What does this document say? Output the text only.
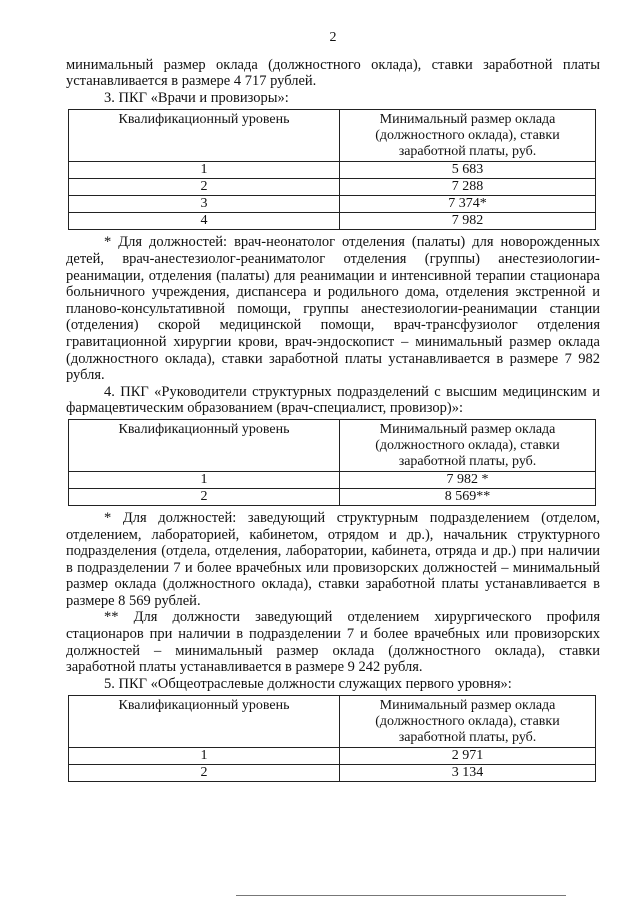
2

минимальный размер оклада (должностного оклада), ставки заработной платы устанавливается в размере 4 717 рублей.

3. ПКГ «Врачи и провизоры»:

Квалификационный уровень	Минимальный размер оклада (должностного оклада), ставки заработной платы, руб.
1	5 683
2	7 288
3	7 374*
4	7 982

* Для должностей: врач-неонатолог отделения (палаты) для новорожденных детей, врач-анестезиолог-реаниматолог отделения (группы) анестезиологии-реанимации, отделения (палаты) для реанимации и интенсивной терапии стационара больничного учреждения, диспансера и родильного дома, отделения экстренной и планово-консультативной помощи, группы анестезиологии-реанимации станции (отделения) скорой медицинской помощи, врач-трансфузиолог отделения гравитационной хирургии крови, врач-эндоскопист – минимальный размер оклада (должностного оклада), ставки заработной платы устанавливается в размере 7 982 рубля.

4. ПКГ «Руководители структурных подразделений с высшим медицинским и фармацевтическим образованием (врач-специалист, провизор)»:

Квалификационный уровень	Минимальный размер оклада (должностного оклада), ставки заработной платы, руб.
1	7 982 *
2	8 569**

* Для должностей: заведующий структурным подразделением (отделом, отделением, лабораторией, кабинетом, отрядом и др.), начальник структурного подразделения (отдела, отделения, лаборатории, кабинета, отряда и др.) при наличии в подразделении 7 и более врачебных или провизорских должностей – минимальный размер оклада (должностного оклада), ставки заработной платы устанавливается в размере 8 569 рублей.

** Для должности заведующий отделением хирургического профиля стационаров при наличии в подразделении 7 и более врачебных или провизорских должностей – минимальный размер оклада (должностного оклада), ставки заработной платы устанавливается в размере 9 242 рубля.

5. ПКГ «Общеотраслевые должности служащих первого уровня»:

Квалификационный уровень	Минимальный размер оклада (должностного оклада), ставки заработной платы, руб.
1	2 971
2	3 134
